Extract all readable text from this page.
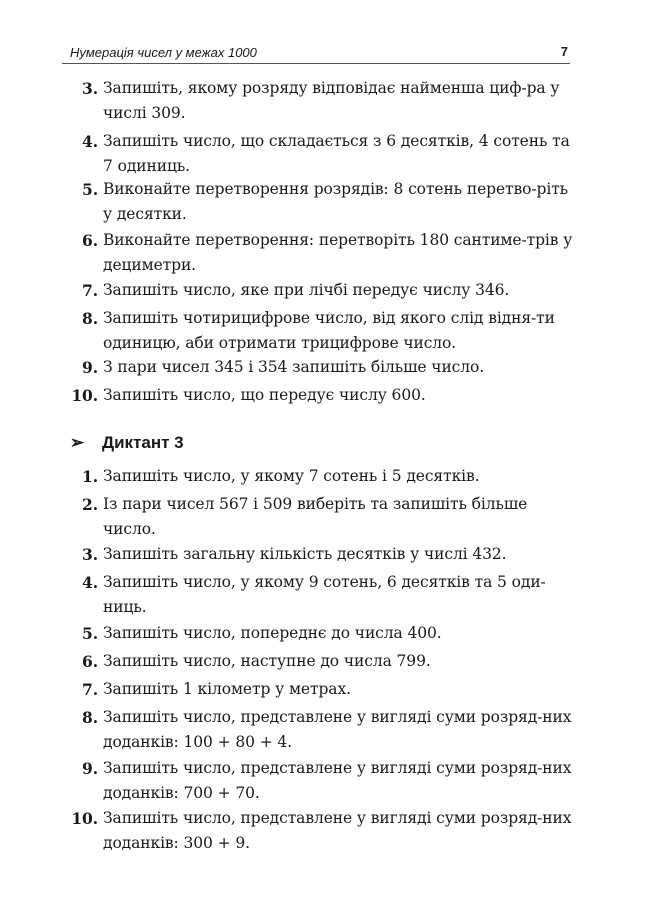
Нумерація чисел у межах 1000	7
3. Запишіть, якому розряду відповідає найменша циф-ра у числі 309.
4. Запишіть число, що складається з 6 десятків, 4 сотень та 7 одиниць.
5. Виконайте перетворення розрядів: 8 сотень перетво-ріть у десятки.
6. Виконайте перетворення: перетворіть 180 сантиме-трів у дециметри.
7. Запишіть число, яке при лічбі передує числу 346.
8. Запишіть чотирицифрове число, від якого слід відня-ти одиницю, аби отримати трицифрове число.
9. З пари чисел 345 і 354 запишіть більше число.
10. Запишіть число, що передує числу 600.
➢	Диктант 3
1. Запишіть число, у якому 7 сотень і 5 десятків.
2. Із пари чисел 567 і 509 виберіть та запишіть більше число.
3. Запишіть загальну кількість десятків у числі 432.
4. Запишіть число, у якому 9 сотень, 6 десятків та 5 оди-ниць.
5. Запишіть число, попереднє до числа 400.
6. Запишіть число, наступне до числа 799.
7. Запишіть 1 кілометр у метрах.
8. Запишіть число, представлене у вигляді суми розряд-них доданків: 100 + 80 + 4.
9. Запишіть число, представлене у вигляді суми розряд-них доданків: 700 + 70.
10. Запишіть число, представлене у вигляді суми розряд-них доданків: 300 + 9.
